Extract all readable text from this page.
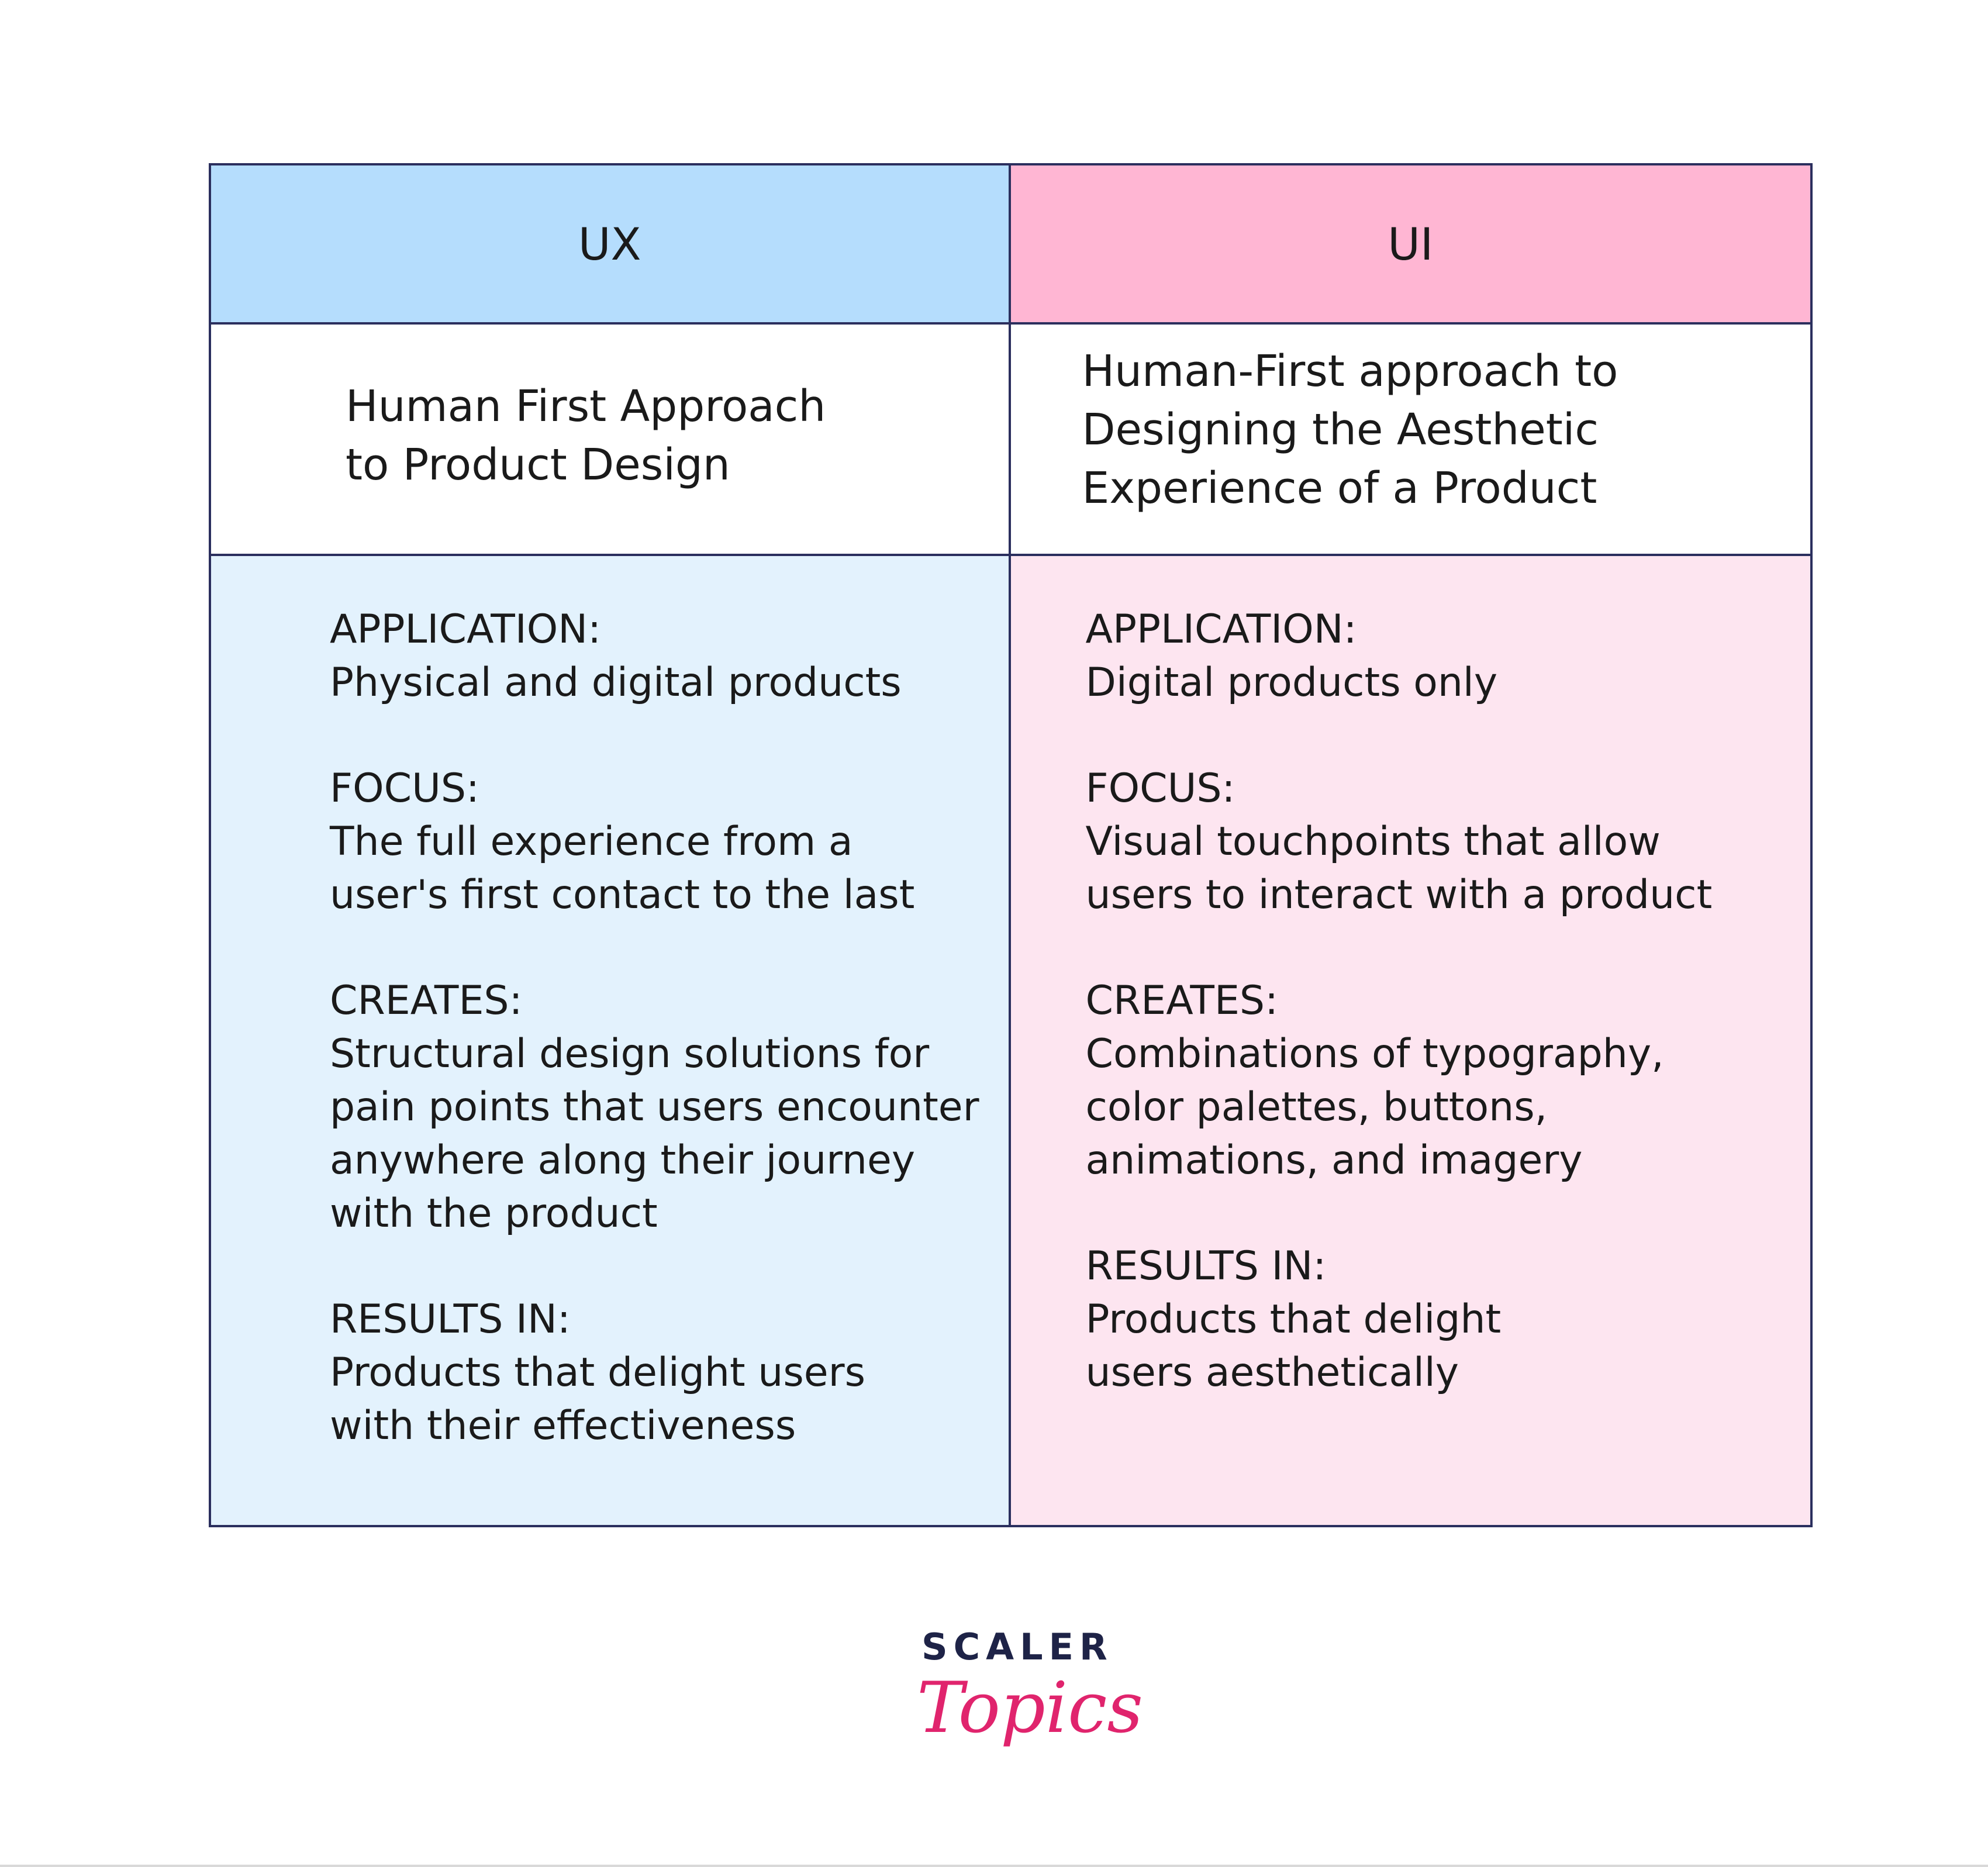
UX	UI
Human First Approach
to Product Design
Human-First approach to
Designing the Aesthetic
Experience of a Product
APPLICATION:
Physical and digital products
FOCUS:
The full experience from a
user's first contact to the last
CREATES:
Structural design solutions for
pain points that users encounter
anywhere along their journey
with the product
RESULTS IN:
Products that delight users
with their effectiveness
APPLICATION:
Digital products only
FOCUS:
Visual touchpoints that allow
users to interact with a product
CREATES:
Combinations of typography,
color palettes, buttons,
animations, and imagery
RESULTS IN:
Products that delight
users aesthetically
SCALER
Topics
